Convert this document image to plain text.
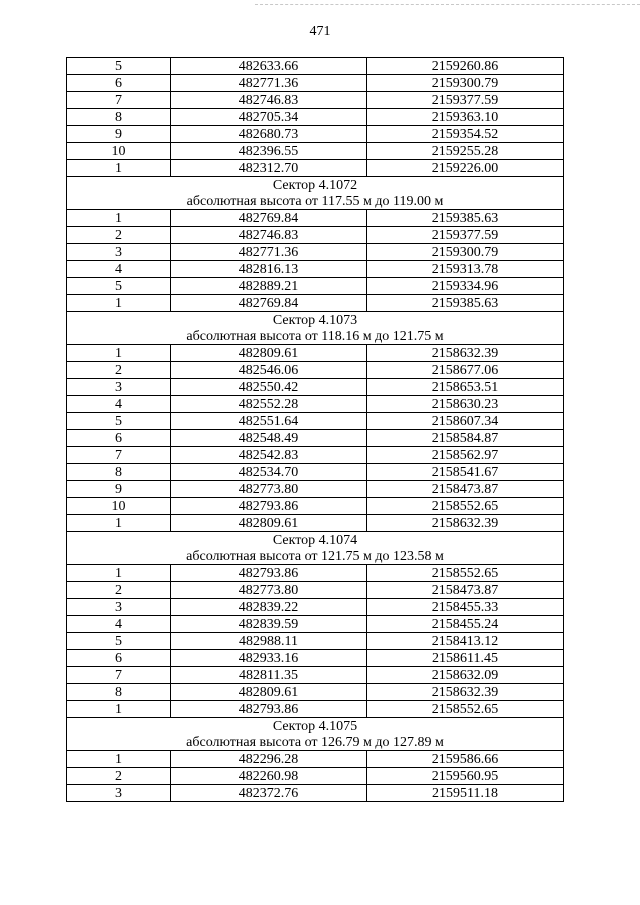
471
5	482633.66	2159260.86
6	482771.36	2159300.79
7	482746.83	2159377.59
8	482705.34	2159363.10
9	482680.73	2159354.52
10	482396.55	2159255.28
1	482312.70	2159226.00
Сектор 4.1072		
абсолютная высота от 117.55 м до 119.00 м		
1	482769.84	2159385.63
2	482746.83	2159377.59
3	482771.36	2159300.79
4	482816.13	2159313.78
5	482889.21	2159334.96
1	482769.84	2159385.63
Сектор 4.1073		
абсолютная высота от 118.16 м до 121.75 м		
1	482809.61	2158632.39
2	482546.06	2158677.06
3	482550.42	2158653.51
4	482552.28	2158630.23
5	482551.64	2158607.34
6	482548.49	2158584.87
7	482542.83	2158562.97
8	482534.70	2158541.67
9	482773.80	2158473.87
10	482793.86	2158552.65
1	482809.61	2158632.39
Сектор 4.1074		
абсолютная высота от 121.75 м до 123.58 м		
1	482793.86	2158552.65
2	482773.80	2158473.87
3	482839.22	2158455.33
4	482839.59	2158455.24
5	482988.11	2158413.12
6	482933.16	2158611.45
7	482811.35	2158632.09
8	482809.61	2158632.39
1	482793.86	2158552.65
Сектор 4.1075		
абсолютная высота от 126.79 м до 127.89 м		
1	482296.28	2159586.66
2	482260.98	2159560.95
3	482372.76	2159511.18
